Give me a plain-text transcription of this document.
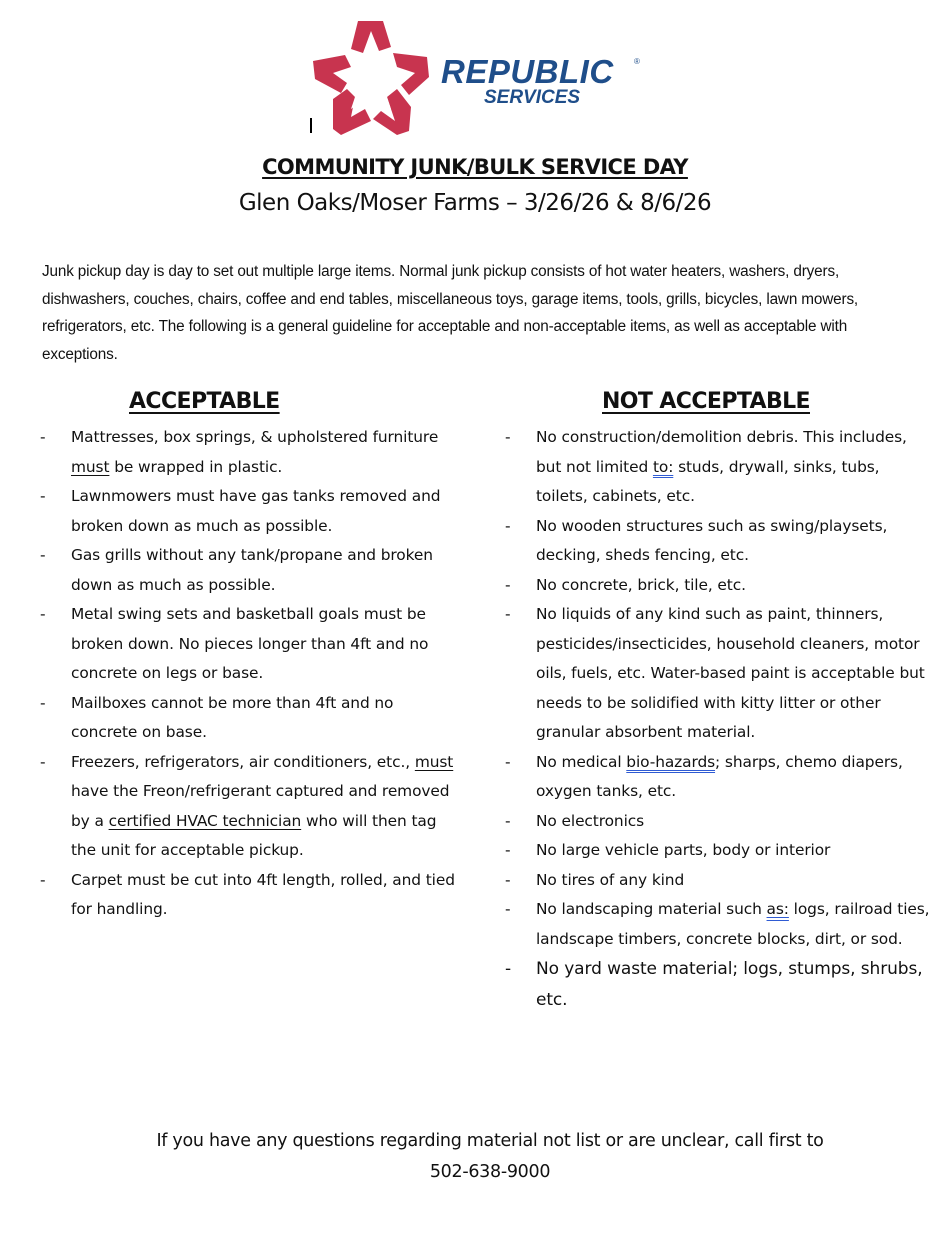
REPUBLIC	®
SERVICES
COMMUNITY JUNK/BULK SERVICE DAY
Glen Oaks/Moser Farms – 3/26/26 & 8/6/26
Junk pickup day is day to set out multiple large items. Normal junk pickup consists of hot water heaters, washers, dryers, dishwashers, couches, chairs, coffee and end tables, miscellaneous toys, garage items, tools, grills, bicycles, lawn mowers, refrigerators, etc. The following is a general guideline for acceptable and non-acceptable items, as well as acceptable with exceptions.
ACCEPTABLE
- Mattresses, box springs, & upholstered furniture must be wrapped in plastic.
- Lawnmowers must have gas tanks removed and broken down as much as possible.
- Gas grills without any tank/propane and broken down as much as possible.
- Metal swing sets and basketball goals must be broken down. No pieces longer than 4ft and no concrete on legs or base.
- Mailboxes cannot be more than 4ft and no concrete on base.
- Freezers, refrigerators, air conditioners, etc., must have the Freon/refrigerant captured and removed by a certified HVAC technician who will then tag the unit for acceptable pickup.
- Carpet must be cut into 4ft length, rolled, and tied for handling.
NOT ACCEPTABLE
- No construction/demolition debris. This includes, but not limited to: studs, drywall, sinks, tubs, toilets, cabinets, etc.
- No wooden structures such as swing/playsets, decking, sheds fencing, etc.
- No concrete, brick, tile, etc.
- No liquids of any kind such as paint, thinners, pesticides/insecticides, household cleaners, motor oils, fuels, etc. Water-based paint is acceptable but needs to be solidified with kitty litter or other granular absorbent material.
- No medical bio-hazards; sharps, chemo diapers, oxygen tanks, etc.
- No electronics
- No large vehicle parts, body or interior
- No tires of any kind
- No landscaping material such as: logs, railroad ties, landscape timbers, concrete blocks, dirt, or sod.
- No yard waste material; logs, stumps, shrubs, etc.
If you have any questions regarding material not list or are unclear, call first to
502-638-9000
